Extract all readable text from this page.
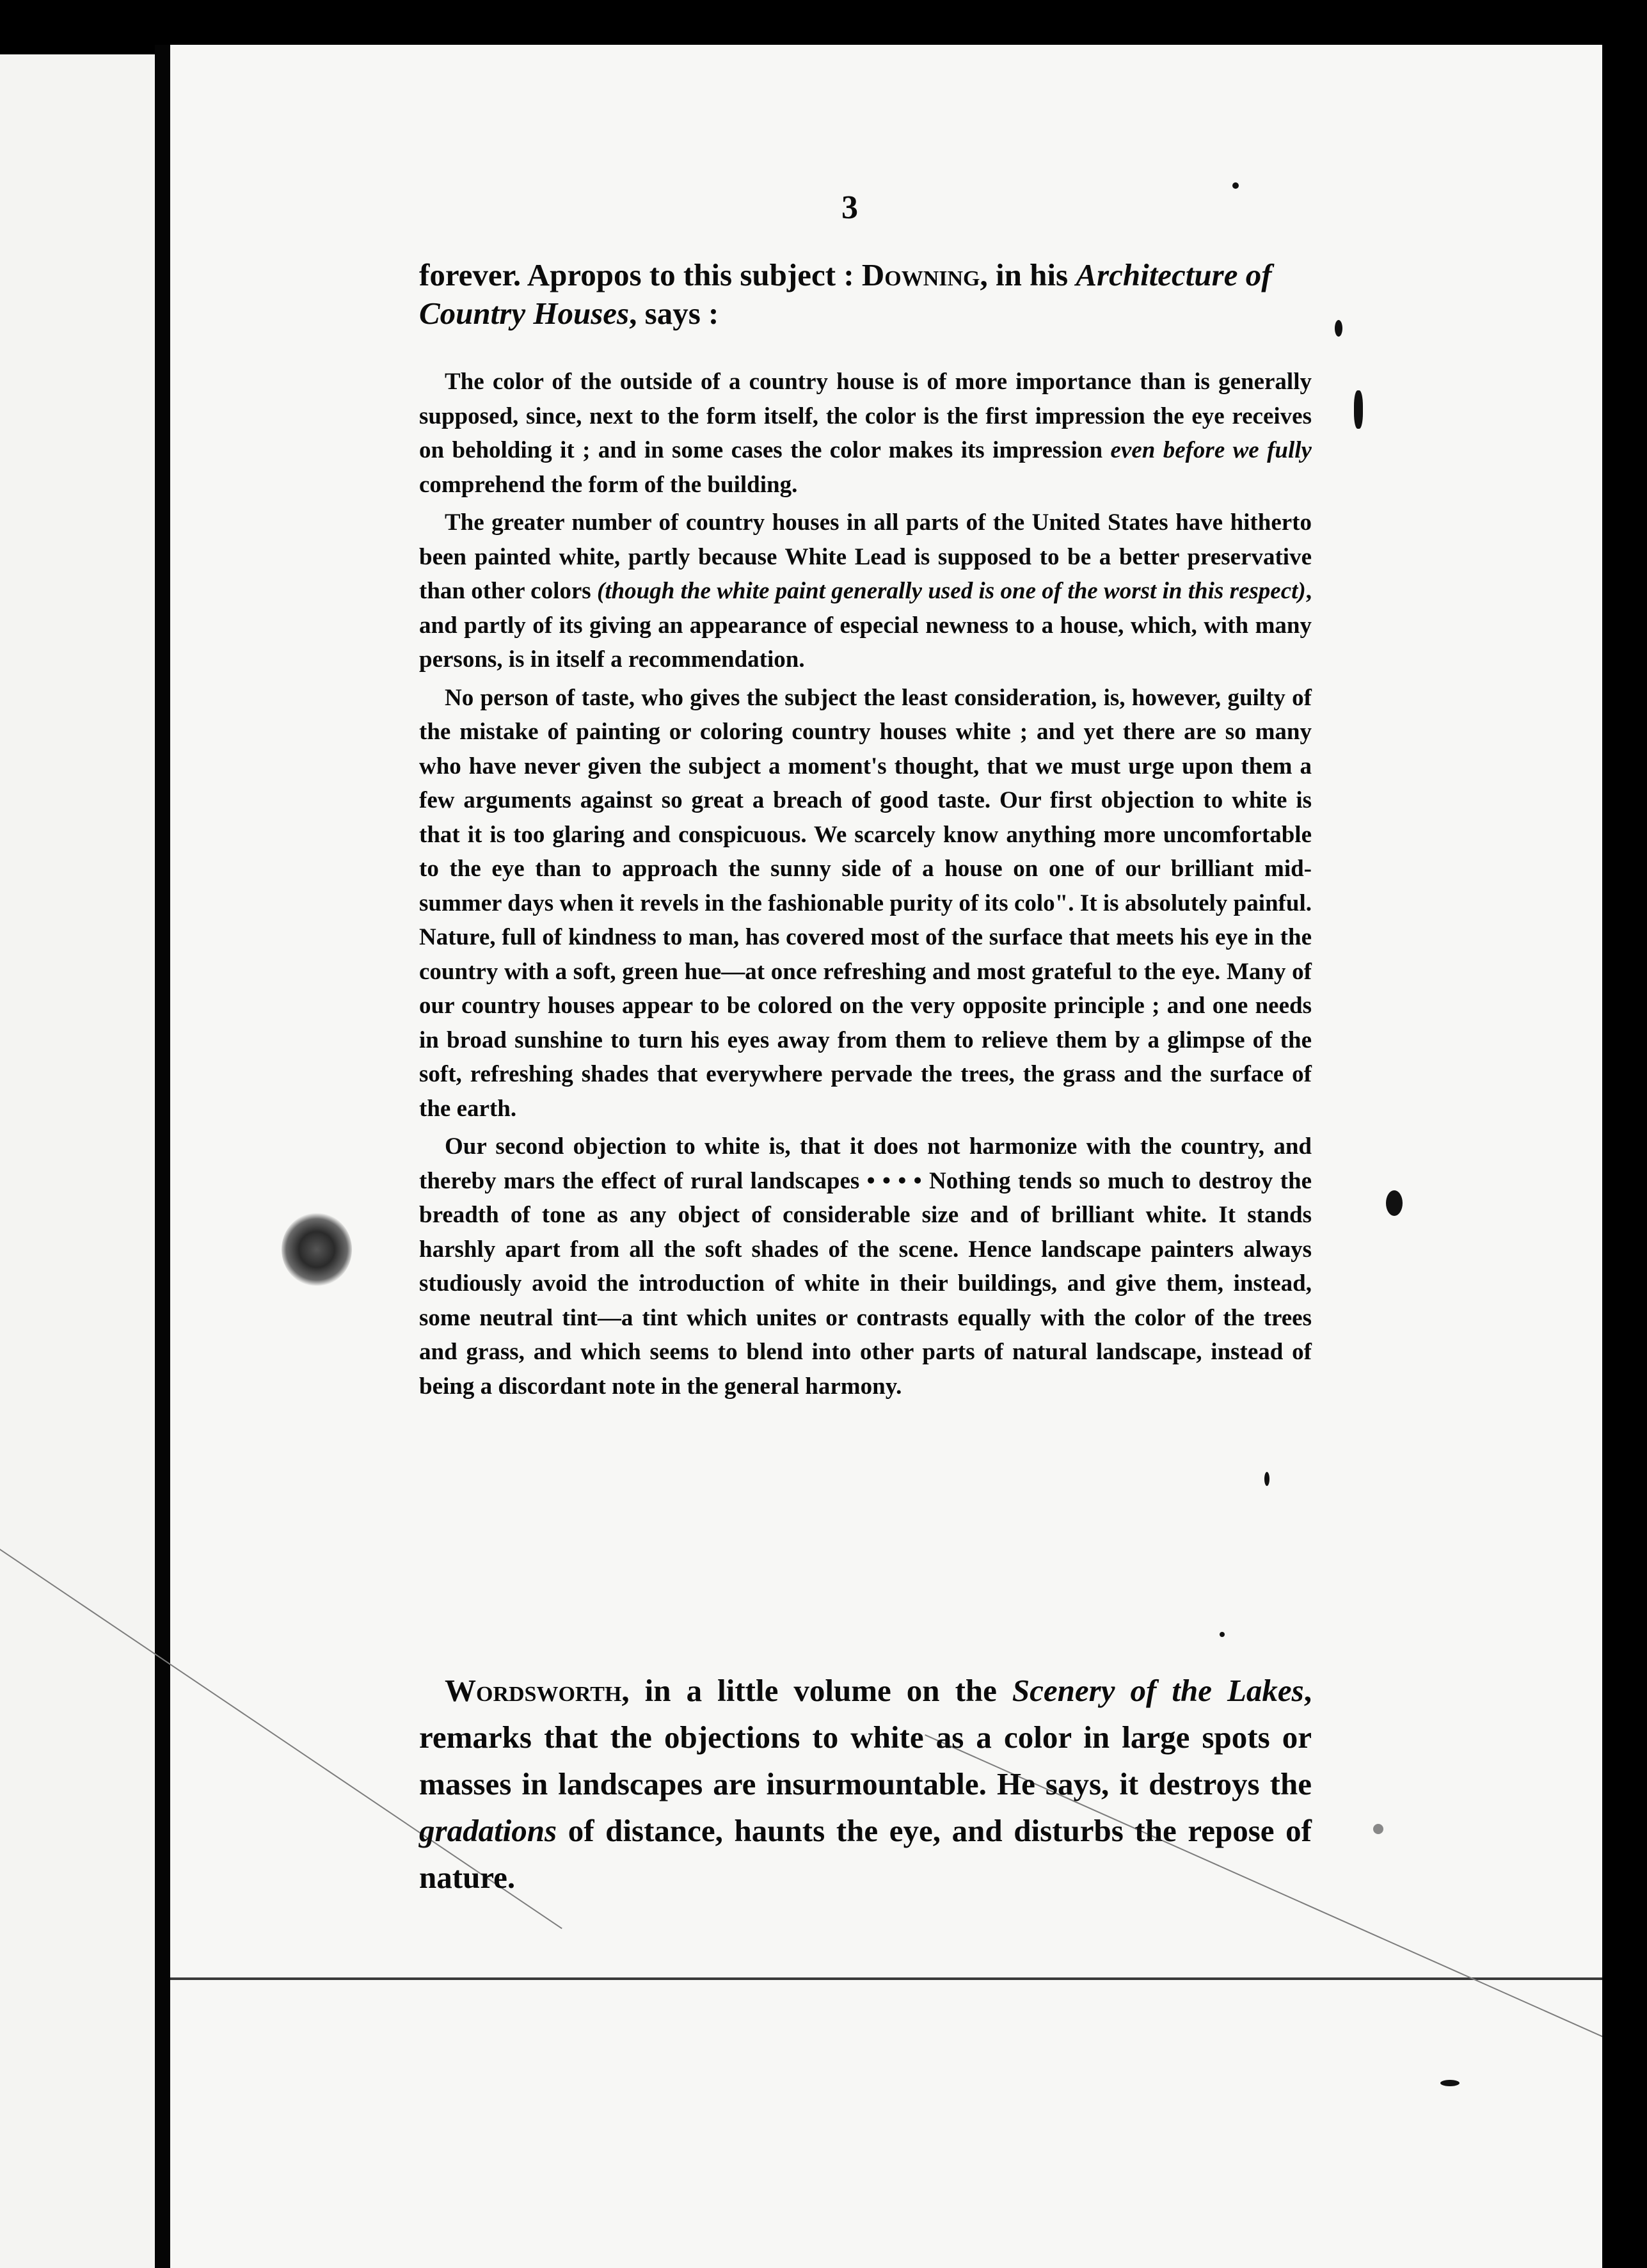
3
forever. Apropos to this subject : Downing, in his Architecture of Country Houses, says :

The color of the outside of a country house is of more importance than is generally supposed, since, next to the form itself, the color is the first impression the eye receives on beholding it ; and in some cases the color makes its impression even before we fully comprehend the form of the building.

The greater number of country houses in all parts of the United States have hitherto been painted white, partly because White Lead is supposed to be a better preservative than other colors (though the white paint generally used is one of the worst in this respect), and partly of its giving an appearance of especial newness to a house, which, with many persons, is in itself a recommendation.

No person of taste, who gives the subject the least consideration, is, however, guilty of the mistake of painting or coloring country houses white ; and yet there are so many who have never given the subject a moment's thought, that we must urge upon them a few arguments against so great a breach of good taste. Our first objection to white is that it is too glaring and conspicuous. We scarcely know anything more uncomfortable to the eye than to approach the sunny side of a house on one of our brilliant mid-summer days when it revels in the fashionable purity of its colo". It is absolutely painful. Nature, full of kindness to man, has covered most of the surface that meets his eye in the country with a soft, green hue—at once refreshing and most grateful to the eye. Many of our country houses appear to be colored on the very opposite principle ; and one needs in broad sunshine to turn his eyes away from them to relieve them by a glimpse of the soft, refreshing shades that everywhere pervade the trees, the grass and the surface of the earth.

Our second objection to white is, that it does not harmonize with the country, and thereby mars the effect of rural landscapes • • • • Nothing tends so much to destroy the breadth of tone as any object of considerable size and of brilliant white. It stands harshly apart from all the soft shades of the scene. Hence landscape painters always studiously avoid the introduction of white in their buildings, and give them, instead, some neutral tint—a tint which unites or contrasts equally with the color of the trees and grass, and which seems to blend into other parts of natural landscape, instead of being a discordant note in the general harmony.

Wordsworth, in a little volume on the Scenery of the Lakes, remarks that the objections to white as a color in large spots or masses in landscapes are insurmountable. He says, it destroys the gradations of distance, haunts the eye, and disturbs the repose of nature.
